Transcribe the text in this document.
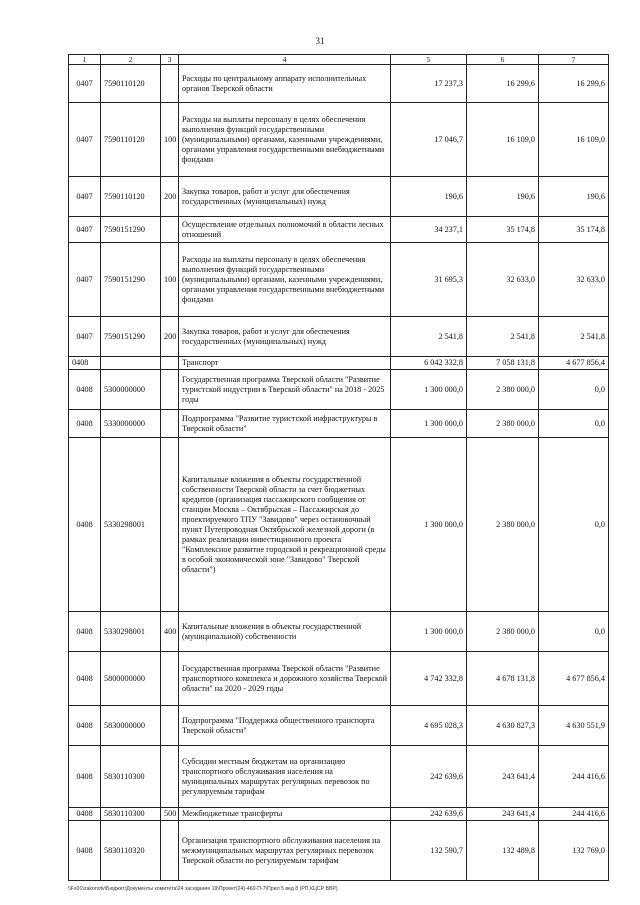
31
1	2	3	4	5	6	7
0407	7590110120		Расходы по центральному аппарату исполнительных органов Тверской области	17 237,3	16 299,6	16 299,6
0407	7590110120	100	Расходы на выплаты персоналу в целях обеспечения выполнения функций государственными (муниципальными) органами, казенными учреждениями, органами управления государственными внебюджетными фондами	17 046,7	16 109,0	16 109,0
0407	7590110120	200	Закупка товаров, работ и услуг для обеспечения государственных (муниципальных) нужд	190,6	190,6	190,6
0407	7590151290		Осуществление отдельных полномочий в области лесных отношений	34 237,1	35 174,8	35 174,8
0407	7590151290	100	Расходы на выплаты персоналу в целях обеспечения выполнения функций государственными (муниципальными) органами, казенными учреждениями, органами управления государственными внебюджетными фондами	31 695,3	32 633,0	32 633,0
0407	7590151290	200	Закупка товаров, работ и услуг для обеспечения государственных (муниципальных) нужд	2 541,8	2 541,8	2 541,8
0408			Транспорт	6 042 332,8	7 058 131,8	4 677 856,4
0408	5300000000		Государственная программа Тверской области "Развитие туристской индустрии в Тверской области" на 2018 - 2025 годы	1 300 000,0	2 380 000,0	0,0
0408	5330000000		Подпрограмма "Развитие туристской инфраструктуры в Тверской области"	1 300 000,0	2 380 000,0	0,0
0408	5330298001		Капитальные вложения в объекты государственной собственности Тверской области за счет бюджетных кредитов (организация пассажирского сообщения от станции Москва – Октябрьская – Пассажирская до проектируемого ТПУ "Завидово" через остановочный пункт Путепроводная Октябрьской железной дороги (в рамках реализации инвестиционного проекта "Комплексное развитие городской и рекреационной среды в особой экономической зоне "Завидово" Тверской области")	1 300 000,0	2 380 000,0	0,0
0408	5330298001	400	Капитальные вложения в объекты государственной (муниципальной) собственности	1 300 000,0	2 380 000,0	0,0
0408	5800000000		Государственная программа Тверской области "Развитие транспортного комплекса и дорожного хозяйства Тверской области" на 2020 - 2029 годы	4 742 332,8	4 678 131,8	4 677 856,4
0408	5830000000		Подпрограмма "Поддержка общественного транспорта Тверской области"	4 695 028,3	4 630 827,3	4 630 551,9
0408	5830110300		Субсидии местным бюджетам на организацию транспортного обслуживания населения на муниципальных маршрутах регулярных перевозок по регулируемым тарифам	242 639,6	243 641,4	244 416,6
0408	5830110300	500	Межбюджетные трансферты	242 639,6	243 641,4	244 416,6
0408	5830110320		Организация транспортного обслуживания населения на межмуниципальных маршрутах регулярных перевозок Тверской области по регулируемым тарифам	132 590,7	132 489,8	132 769,0
\\Fs01\zakonotv\Бюджет\Документы комитета\24 заседание 19\Проект(24)-460-П-7\Прил 5 вед 8 (РП КЦСР ВВР)
